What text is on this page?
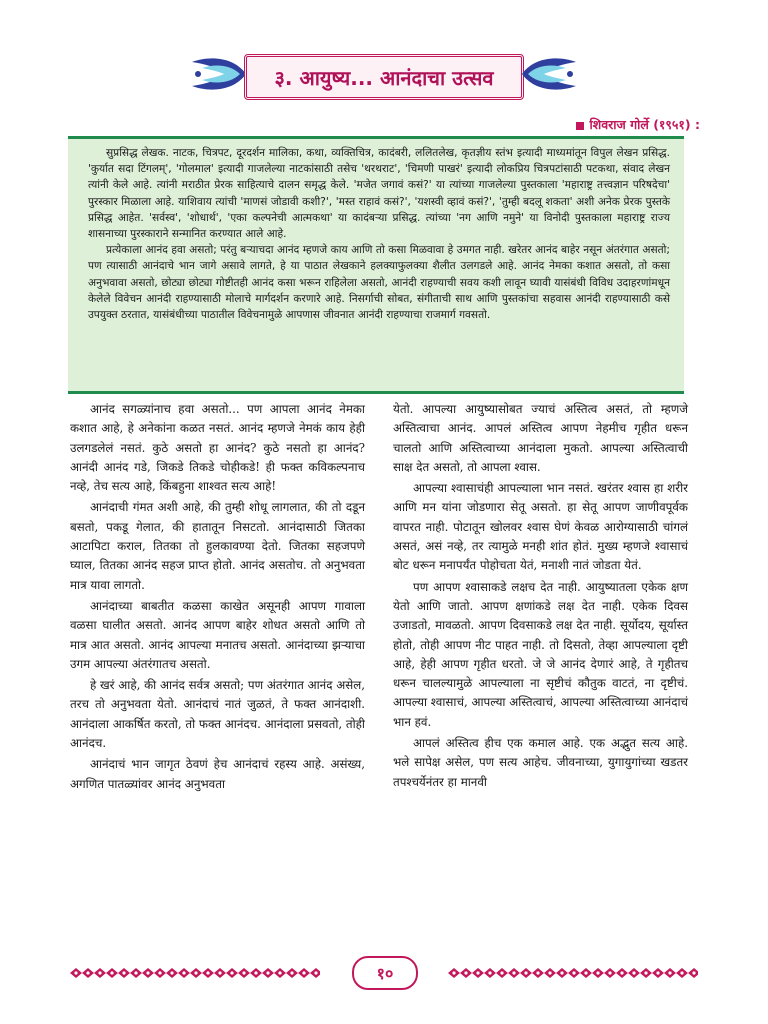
३. आयुष्य... आनंदाचा उत्सव
शिवराज गोर्ले (१९५१) :

सुप्रसिद्ध लेखक. नाटक, चित्रपट, दूरदर्शन मालिका, कथा, व्यक्तिचित्र, कादंबरी, ललितलेख, कृतज्ञीय स्तंभ इत्यादी माध्यमांतून विपुल लेखन प्रसिद्ध. 'कुर्यात सदा टिंगलम्', 'गोलमाल' इत्यादी गाजलेल्या नाटकांसाठी तसेच 'थरथराट', 'चिमणी पाखरं' इत्यादी लोकप्रिय चित्रपटांसाठी पटकथा, संवाद लेखन त्यांनी केले आहे. त्यांनी मराठीत प्रेरक साहित्याचे दालन समृद्ध केले. 'मजेत जगावं कसं?' या त्यांच्या गाजलेल्या पुस्तकाला 'महाराष्ट्र तत्त्वज्ञान परिषदेचा' पुरस्कार मिळाला आहे. याशिवाय त्यांची 'माणसं जोडावी कशी?', 'मस्त राहावं कसं?', 'यशस्वी व्हावं कसं?', 'तुम्ही बदलू शकता' अशी अनेक प्रेरक पुस्तके प्रसिद्ध आहेत. 'सर्वस्व', 'शोधार्थ', 'एका कल्पनेची आत्मकथा' या कादंबऱ्या प्रसिद्ध. त्यांच्या 'नग आणि नमुने' या विनोदी पुस्तकाला महाराष्ट्र राज्य शासनाच्या पुरस्काराने सन्मानित करण्यात आले आहे.

प्रत्येकाला आनंद हवा असतो; परंतु बऱ्याचदा आनंद म्हणजे काय आणि तो कसा मिळवावा हे उमगत नाही. खरेतर आनंद बाहेर नसून अंतरंगात असतो; पण त्यासाठी आनंदाचे भान जागे असावे लागते, हे या पाठात लेखकाने हलक्याफुलक्या शैलीत उलगडले आहे. आनंद नेमका कशात असतो, तो कसा अनुभवावा असतो, छोट्या छोट्या गोष्टीतही आनंद कसा भरून राहिलेला असतो, आनंदी राहण्याची सवय कशी लावून घ्यावी यासंबंधी विविध उदाहरणांमधून केलेले विवेचन आनंदी राहण्यासाठी मोलाचे मार्गदर्शन करणारे आहे. निसर्गाची सोबत, संगीताची साथ आणि पुस्तकांचा सहवास आनंदी राहण्यासाठी कसे उपयुक्त ठरतात, यासंबंधीच्या पाठातील विवेचनामुळे आपणास जीवनात आनंदी राहण्याचा राजमार्ग गवसतो.

आनंद सगळ्यांनाच हवा असतो... पण आपला आनंद नेमका कशात आहे, हे अनेकांना कळत नसतं. आनंद म्हणजे नेमकं काय हेही उलगडलेलं नसतं. कुठे असतो हा आनंद? कुठे नसतो हा आनंद? आनंदी आनंद गडे, जिकडे तिकडे चोहीकडे! ही फक्त कविकल्पनाच नव्हे, तेच सत्य आहे, किंबहुना शाश्वत सत्य आहे!

आनंदाची गंमत अशी आहे, की तुम्ही शोधू लागलात, की तो दडून बसतो, पकडू गेलात, की हातातून निसटतो. आनंदासाठी जितका आटापिटा कराल, तितका तो हुलकावण्या देतो. जितका सहजपणे घ्याल, तितका आनंद सहज प्राप्त होतो. आनंद असतोच. तो अनुभवता मात्र यावा लागतो.

आनंदाच्या बाबतीत कळसा काखेत असूनही आपण गावाला वळसा घालीत असतो. आनंद आपण बाहेर शोधत असतो आणि तो मात्र आत असतो. आनंद आपल्या मनातच असतो. आनंदाच्या झऱ्याचा उगम आपल्या अंतरंगातच असतो.

हे खरं आहे, की आनंद सर्वत्र असतो; पण अंतरंगात आनंद असेल, तरच तो अनुभवता येतो. आनंदाचं नातं जुळतं, ते फक्त आनंदाशी. आनंदाला आकर्षित करतो, तो फक्त आनंदच. आनंदाला प्रसवतो, तोही आनंदच.

आनंदाचं भान जागृत ठेवणं हेच आनंदाचं रहस्य आहे. असंख्य, अगणित पातळ्यांवर आनंद अनुभवता

येतो. आपल्या आयुष्यासोबत ज्याचं अस्तित्व असतं, तो म्हणजे अस्तित्वाचा आनंद. आपलं अस्तित्व आपण नेहमीच गृहीत धरून चालतो आणि अस्तित्वाच्या आनंदाला मुकतो. आपल्या अस्तित्वाची साक्ष देत असतो, तो आपला श्वास.

आपल्या श्वासाचंही आपल्याला भान नसतं. खरंतर श्वास हा शरीर आणि मन यांना जोडणारा सेतू असतो. हा सेतू आपण जाणीवपूर्वक वापरत नाही. पोटातून खोलवर श्वास घेणं केवळ आरोग्यासाठी चांगलं असतं, असं नव्हे, तर त्यामुळे मनही शांत होतं. मुख्य म्हणजे श्वासाचं बोट धरून मनापर्यंत पोहोचता येतं, मनाशी नातं जोडता येतं.

पण आपण श्वासाकडे लक्षच देत नाही. आयुष्यातला एकेक क्षण येतो आणि जातो. आपण क्षणांकडे लक्ष देत नाही. एकेक दिवस उजाडतो, मावळतो. आपण दिवसाकडे लक्ष देत नाही. सूर्योदय, सूर्यास्त होतो, तोही आपण नीट पाहत नाही. तो दिसतो, तेव्हा आपल्याला दृष्टी आहे, हेही आपण गृहीत धरतो. जे जे आनंद देणारं आहे, ते गृहीतच धरून चालल्यामुळे आपल्याला ना सृष्टीचं कौतुक वाटतं, ना दृष्टीचं. आपल्या श्वासाचं, आपल्या अस्तित्वाचं, आपल्या अस्तित्वाच्या आनंदाचं भान हवं.

आपलं अस्तित्व हीच एक कमाल आहे. एक अद्भुत सत्य आहे. भले सापेक्ष असेल, पण सत्य आहेच. जीवनाच्या, युगायुगांच्या खडतर तपश्चर्येनंतर हा मानवी

१०
